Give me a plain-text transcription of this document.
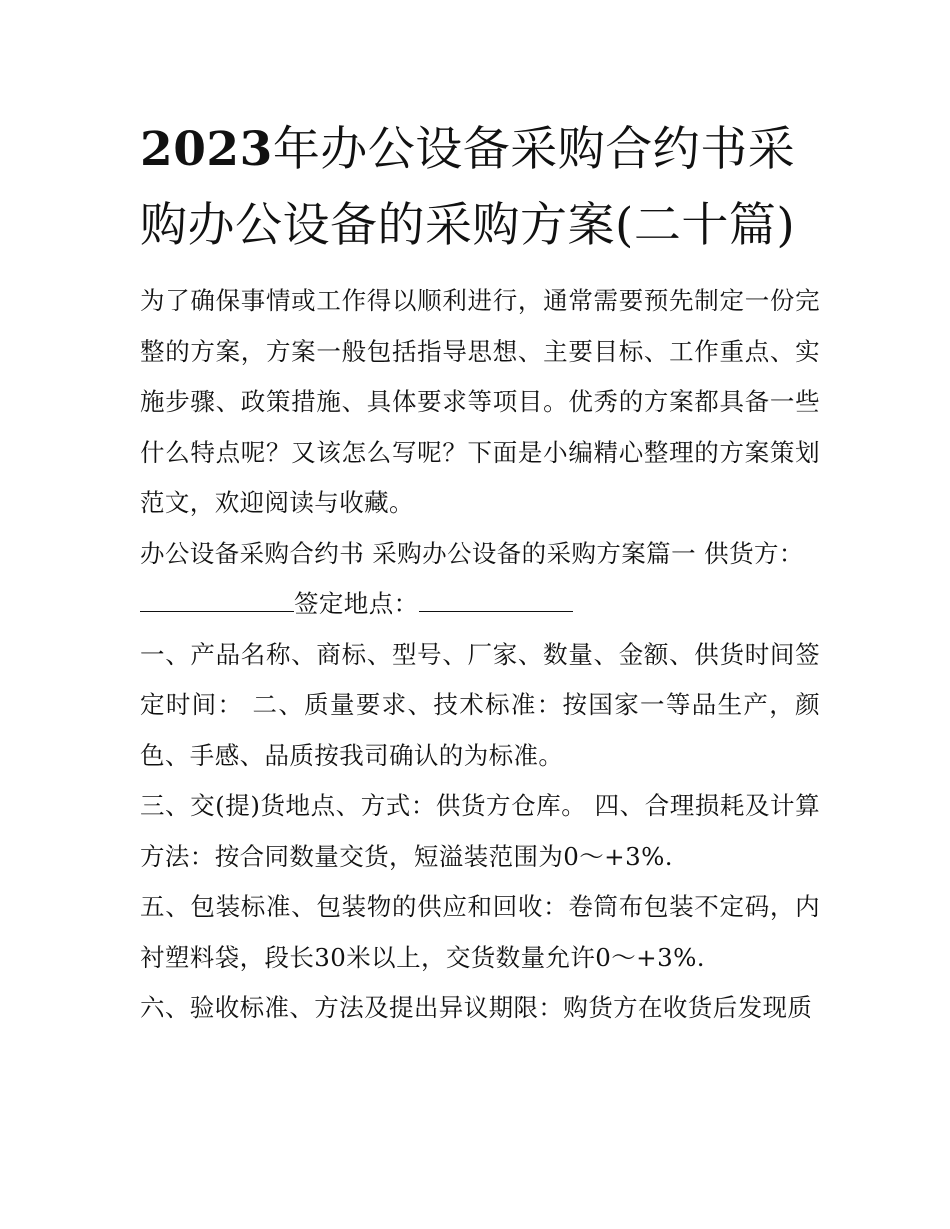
2023年办公设备采购合约书采购办公设备的采购方案(二十篇)

为了确保事情或工作得以顺利进行，通常需要预先制定一份完整的方案，方案一般包括指导思想、主要目标、工作重点、实施步骤、政策措施、具体要求等项目。优秀的方案都具备一些什么特点呢？又该怎么写呢？下面是小编精心整理的方案策划范文，欢迎阅读与收藏。

办公设备采购合约书 采购办公设备的采购方案篇一 供货方：

签定地点：

一、产品名称、商标、型号、厂家、数量、金额、供货时间签定时间： 二、质量要求、技术标准：按国家一等品生产，颜色、手感、品质按我司确认的为标准。

三、交(提)货地点、方式：供货方仓库。 四、合理损耗及计算方法：按合同数量交货，短溢装范围为0～+3%.

五、包装标准、包装物的供应和回收：卷筒布包装不定码，内衬塑料袋，段长30米以上，交货数量允许0～+3%.

六、验收标准、方法及提出异议期限：购货方在收货后发现质
